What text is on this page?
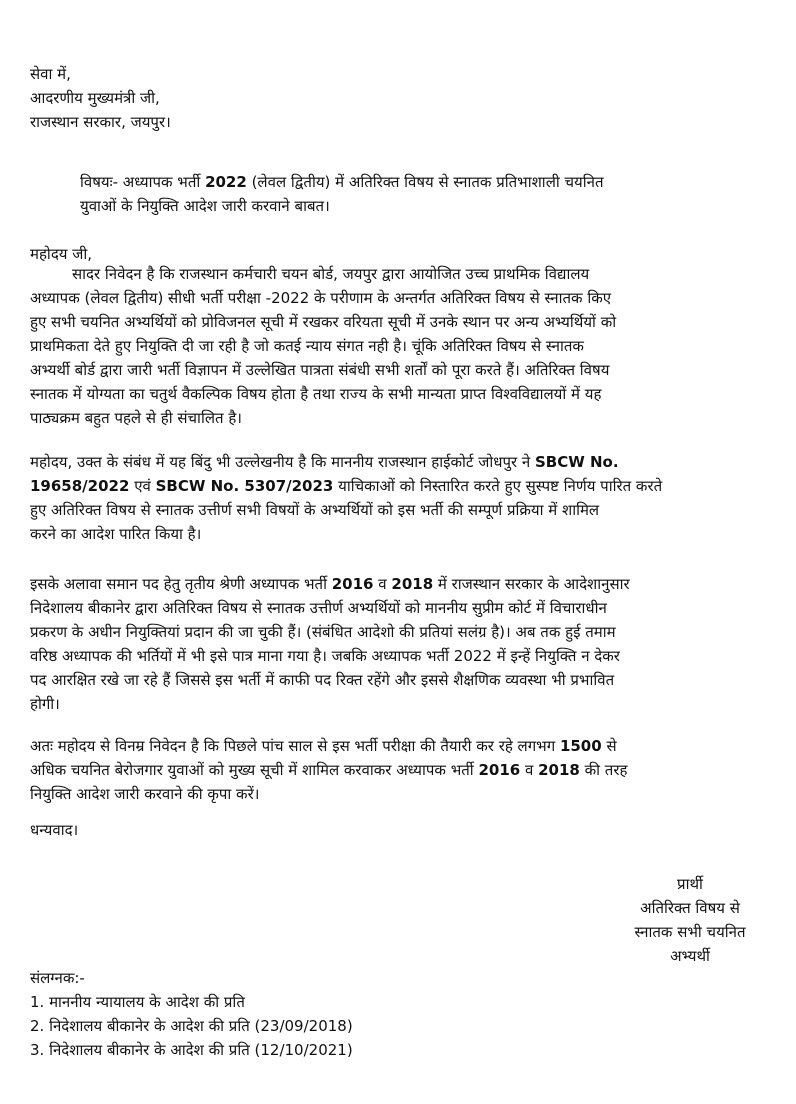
सेवा में,
आदरणीय मुख्यमंत्री जी,
राजस्थान सरकार, जयपुर।
विषयः- अध्यापक भर्ती 2022 (लेवल द्वितीय) में अतिरिक्त विषय से स्नातक प्रतिभाशाली चयनित
युवाओं के नियुक्ति आदेश जारी करवाने बाबत।
महोदय जी,
सादर निवेदन है कि राजस्थान कर्मचारी चयन बोर्ड, जयपुर द्वारा आयोजित उच्च प्राथमिक विद्यालय
अध्यापक (लेवल द्वितीय) सीधी भर्ती परीक्षा -2022 के परीणाम के अन्तर्गत अतिरिक्त विषय से स्नातक किए
हुए सभी चयनित अभ्यर्थियों को प्रोविजनल सूची में रखकर वरियता सूची में उनके स्थान पर अन्य अभ्यर्थियों को
प्राथमिकता देते हुए नियुक्ति दी जा रही है जो कतई न्याय संगत नही है। चूंकि अतिरिक्त विषय से स्नातक
अभ्यर्थी बोर्ड द्वारा जारी भर्ती विज्ञापन में उल्लेखित पात्रता संबंधी सभी शर्तों को पूरा करते हैं। अतिरिक्त विषय
स्नातक में योग्यता का चतुर्थ वैकल्पिक विषय होता है तथा राज्य के सभी मान्यता प्राप्त विश्वविद्यालयों में यह
पाठ्यक्रम बहुत पहले से ही संचालित है।
महोदय, उक्त के संबंध में यह बिंदु भी उल्लेखनीय है कि माननीय राजस्थान हाईकोर्ट जोधपुर ने SBCW No.
19658/2022 एवं SBCW No. 5307/2023 याचिकाओं को निस्तारित करते हुए सुस्पष्ट निर्णय पारित करते
हुए अतिरिक्त विषय से स्नातक उत्तीर्ण सभी विषयों के अभ्यर्थियों को इस भर्ती की सम्पूर्ण प्रक्रिया में शामिल
करने का आदेश पारित किया है।
इसके अलावा समान पद हेतु तृतीय श्रेणी अध्यापक भर्ती 2016 व 2018 में राजस्थान सरकार के आदेशानुसार
निदेशालय बीकानेर द्वारा अतिरिक्त विषय से स्नातक उत्तीर्ण अभ्यर्थियों को माननीय सुप्रीम कोर्ट में विचाराधीन
प्रकरण के अधीन नियुक्तियां प्रदान की जा चुकी हैं। (संबंधित आदेशो की प्रतियां सलंग्र है)। अब तक हुई तमाम
वरिष्ठ अध्यापक की भर्तियों में भी इसे पात्र माना गया है। जबकि अध्यापक भर्ती 2022 में इन्हें नियुक्ति न देकर
पद आरक्षित रखे जा रहे हैं जिससे इस भर्ती में काफी पद रिक्त रहेंगे और इससे शैक्षणिक व्यवस्था भी प्रभावित
होगी।
अतः महोदय से विनम्र निवेदन है कि पिछले पांच साल से इस भर्ती परीक्षा की तैयारी कर रहे लगभग 1500 से
अधिक चयनित बेरोजगार युवाओं को मुख्य सूची में शामिल करवाकर अध्यापक भर्ती 2016 व 2018 की तरह
नियुक्ति आदेश जारी करवाने की कृपा करें।
धन्यवाद।
प्रार्थी
अतिरिक्त विषय से
स्नातक सभी चयनित
अभ्यर्थी
संलग्नक:-
1. माननीय न्यायालय के आदेश की प्रति
2. निदेशालय बीकानेर के आदेश की प्रति (23/09/2018)
3. निदेशालय बीकानेर के आदेश की प्रति (12/10/2021)
